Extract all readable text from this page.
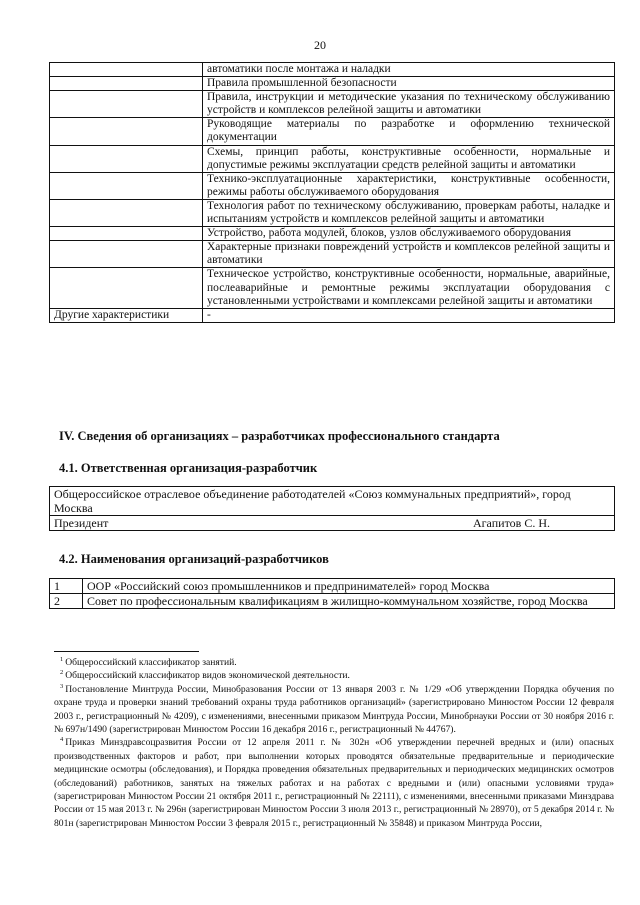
20
	автоматики после монтажа и наладки
	Правила промышленной безопасности
	Правила, инструкции и методические указания по техническому обслуживанию устройств и комплексов релейной защиты и автоматики
	Руководящие материалы по разработке и оформлению технической документации
	Схемы, принцип работы, конструктивные особенности, нормальные и допустимые режимы эксплуатации средств релейной защиты и автоматики
	Технико-эксплуатационные характеристики, конструктивные особенности, режимы работы обслуживаемого оборудования
	Технология работ по техническому обслуживанию, проверкам работы, наладке и испытаниям устройств и комплексов релейной защиты и автоматики
	Устройство, работа модулей, блоков, узлов обслуживаемого оборудования
	Характерные признаки повреждений устройств и комплексов релейной защиты и автоматики
	Техническое устройство, конструктивные особенности, нормальные, аварийные, послеаварийные и ремонтные режимы эксплуатации оборудования с установленными устройствами и комплексами релейной защиты и автоматики
Другие характеристики	-
IV. Сведения об организациях – разработчиках профессионального стандарта
4.1. Ответственная организация-разработчик
Общероссийское отраслевое объединение работодателей «Союз коммунальных предприятий», город Москва

Президент	Агапитов С. Н.
4.2. Наименования организаций-разработчиков
1	ООР «Российский союз промышленников и предпринимателей» город Москва
2	Совет по профессиональным квалификациям в жилищно-коммунальном хозяйстве, город Москва

$^1$ Общероссийский классификатор занятий.

$^2$ Общероссийский классификатор видов экономической деятельности.

$^3$ Постановление Минтруда России, Минобразования России от 13 января 2003 г. № 1/29 «Об утверждении Порядка обучения по охране труда и проверки знаний требований охраны труда работников организаций» (зарегистрировано Минюстом России 12 февраля 2003 г., регистрационный № 4209), с изменениями, внесенными приказом Минтруда России, Минобрнауки России от 30 ноября 2016 г. № 697н/1490 (зарегистрирован Минюстом России 16 декабря 2016 г., регистрационный № 44767).

$^4$ Приказ Минздравсоцразвития России от 12 апреля 2011 г. № 302н «Об утверждении перечней вредных и (или) опасных производственных факторов и работ, при выполнении которых проводятся обязательные предварительные и периодические медицинские осмотры (обследования), и Порядка проведения обязательных предварительных и периодических медицинских осмотров (обследований) работников, занятых на тяжелых работах и на работах с вредными и (или) опасными условиями труда» (зарегистрирован Минюстом России 21 октября 2011 г., регистрационный № 22111), с изменениями, внесенными приказами Минздрава России от 15 мая 2013 г. № 296н (зарегистрирован Минюстом России 3 июля 2013 г., регистрационный № 28970), от 5 декабря 2014 г. № 801н (зарегистрирован Минюстом России 3 февраля 2015 г., регистрационный № 35848) и приказом Минтруда России,
